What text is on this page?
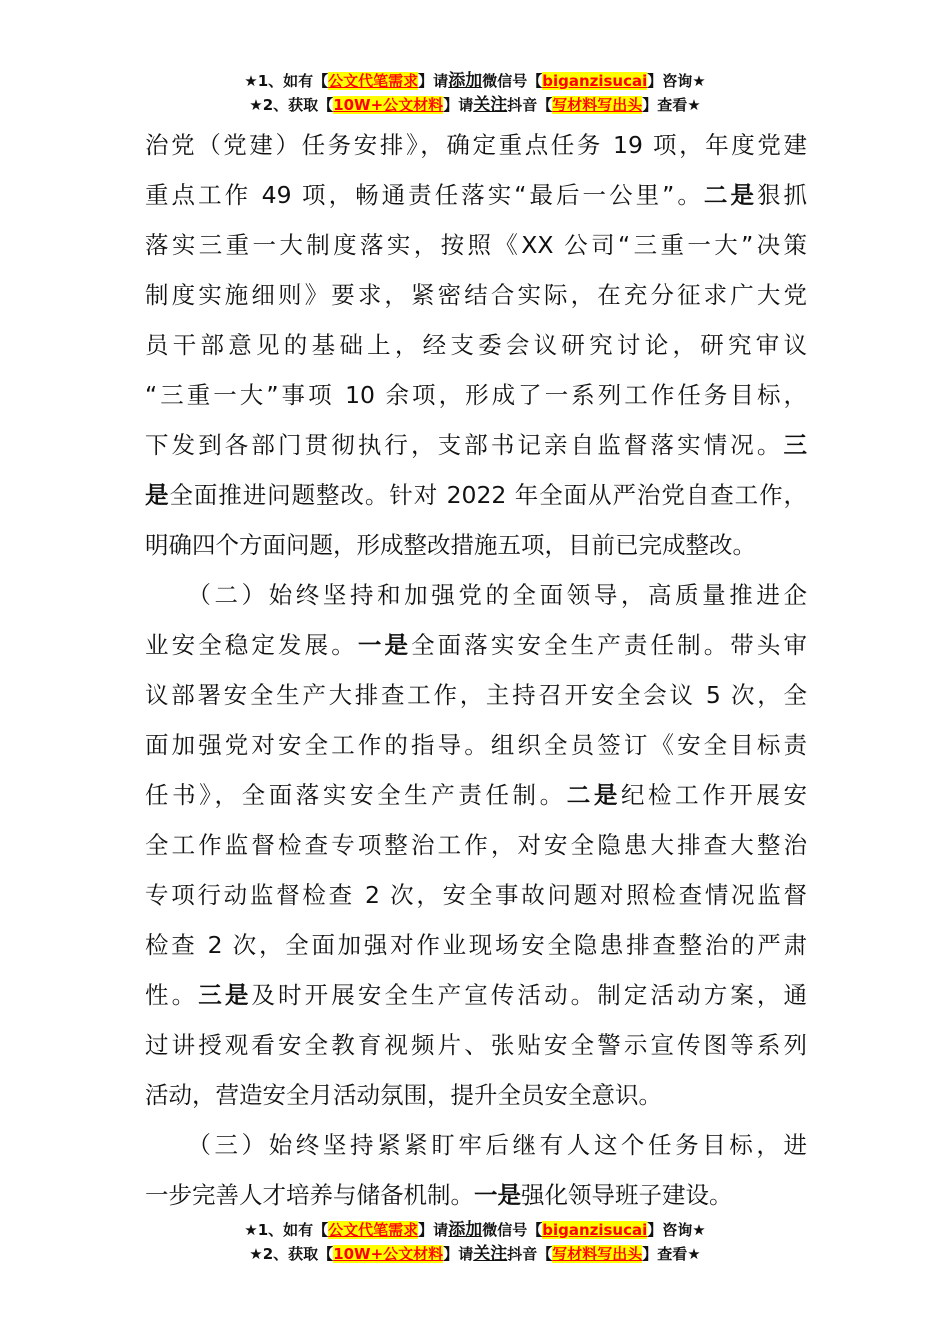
★1、如有【公文代笔需求】请添加微信号【biganzisucai】咨询★
★2、获取【10W+公文材料】请关注抖音【写材料写出头】查看★
治党（党建）任务安排》，确定重点任务 19 项，年度党建
重点工作 49 项，畅通责任落实“最后一公里”。二是狠抓
落实三重一大制度落实，按照《XX 公司“三重一大”决策
制度实施细则》要求，紧密结合实际，在充分征求广大党
员干部意见的基础上，经支委会议研究讨论，研究审议
“三重一大”事项 10 余项，形成了一系列工作任务目标，
下发到各部门贯彻执行，支部书记亲自监督落实情况。三
是全面推进问题整改。针对 2022 年全面从严治党自查工作，
明确四个方面问题，形成整改措施五项，目前已完成整改。
　　（二）始终坚持和加强党的全面领导，高质量推进企
业安全稳定发展。一是全面落实安全生产责任制。带头审
议部署安全生产大排查工作，主持召开安全会议 5 次，全
面加强党对安全工作的指导。组织全员签订《安全目标责
任书》，全面落实安全生产责任制。二是纪检工作开展安
全工作监督检查专项整治工作，对安全隐患大排查大整治
专项行动监督检查 2 次，安全事故问题对照检查情况监督
检查 2 次，全面加强对作业现场安全隐患排查整治的严肃
性。三是及时开展安全生产宣传活动。制定活动方案，通
过讲授观看安全教育视频片、张贴安全警示宣传图等系列
活动，营造安全月活动氛围，提升全员安全意识。
　　（三）始终坚持紧紧盯牢后继有人这个任务目标，进
一步完善人才培养与储备机制。一是强化领导班子建设。
★1、如有【公文代笔需求】请添加微信号【biganzisucai】咨询★
★2、获取【10W+公文材料】请关注抖音【写材料写出头】查看★
